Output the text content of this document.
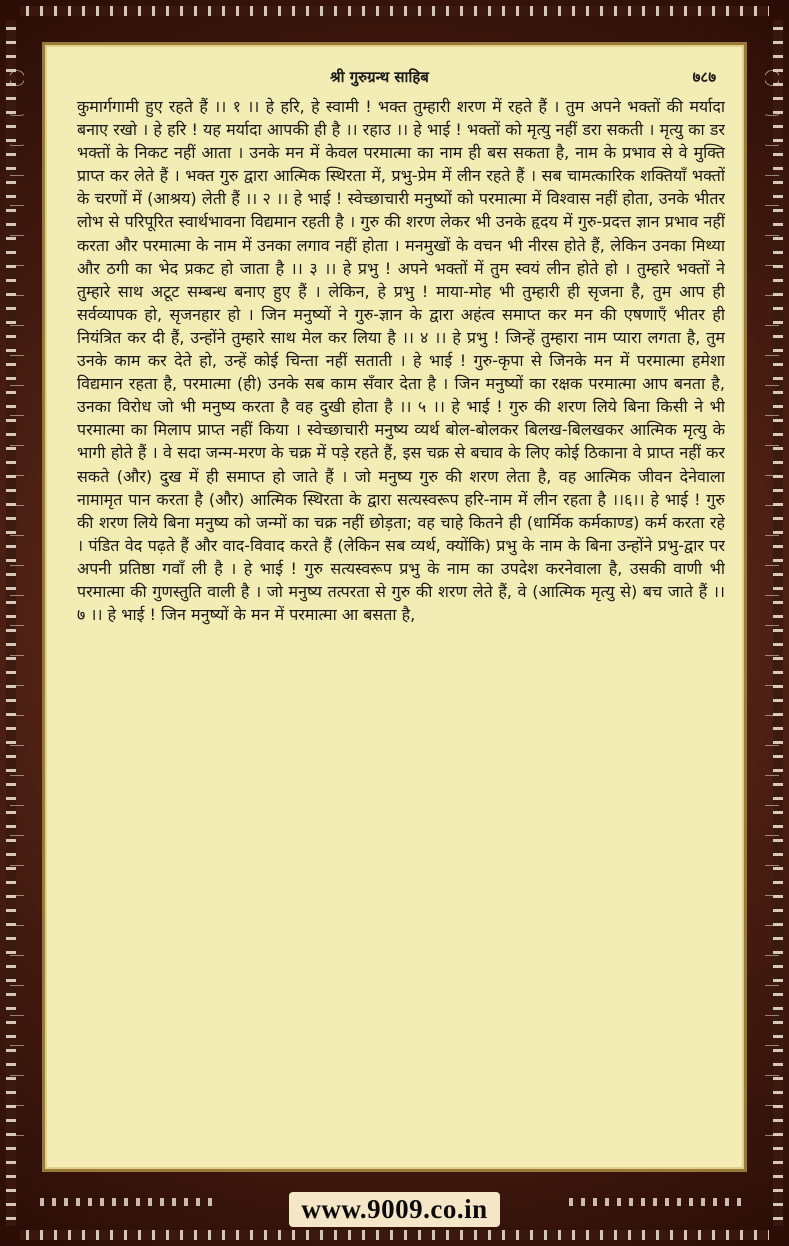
श्री गुरुग्रन्थ साहिब	७८७

कुमार्गगामी हुए रहते हैं ।। १ ।। हे हरि, हे स्वामी ! भक्त तुम्हारी शरण में रहते हैं । तुम अपने भक्तों की मर्यादा बनाए रखो । हे हरि ! यह मर्यादा आपकी ही है ।। रहाउ ।। हे भाई ! भक्तों को मृत्यु नहीं डरा सकती । मृत्यु का डर भक्तों के निकट नहीं आता । उनके मन में केवल परमात्मा का नाम ही बस सकता है, नाम के प्रभाव से वे मुक्ति प्राप्त कर लेते हैं । भक्त गुरु द्वारा आत्मिक स्थिरता में, प्रभु-प्रेम में लीन रहते हैं । सब चामत्कारिक शक्तियाँ भक्तों के चरणों में (आश्रय) लेती हैं ।। २ ।। हे भाई ! स्वेच्छाचारी मनुष्यों को परमात्मा में विश्वास नहीं होता, उनके भीतर लोभ से परिपूरित स्वार्थभावना विद्यमान रहती है । गुरु की शरण लेकर भी उनके हृदय में गुरु-प्रदत्त ज्ञान प्रभाव नहीं करता और परमात्मा के नाम में उनका लगाव नहीं होता । मनमुखों के वचन भी नीरस होते हैं, लेकिन उनका मिथ्या और ठगी का भेद प्रकट हो जाता है ।। ३ ।। हे प्रभु ! अपने भक्तों में तुम स्वयं लीन होते हो । तुम्हारे भक्तों ने तुम्हारे साथ अटूट सम्बन्ध बनाए हुए हैं । लेकिन, हे प्रभु ! माया-मोह भी तुम्हारी ही सृजना है, तुम आप ही सर्वव्यापक हो, सृजनहार हो । जिन मनुष्यों ने गुरु-ज्ञान के द्वारा अहंत्व समाप्त कर मन की एषणाएँ भीतर ही नियंत्रित कर दी हैं, उन्होंने तुम्हारे साथ मेल कर लिया है ।। ४ ।। हे प्रभु ! जिन्हें तुम्हारा नाम प्यारा लगता है, तुम उनके काम कर देते हो, उन्हें कोई चिन्ता नहीं सताती । हे भाई ! गुरु-कृपा से जिनके मन में परमात्मा हमेशा विद्यमान रहता है, परमात्मा (ही) उनके सब काम सँवार देता है । जिन मनुष्यों का रक्षक परमात्मा आप बनता है, उनका विरोध जो भी मनुष्य करता है वह दुखी होता है ।। ५ ।। हे भाई ! गुरु की शरण लिये बिना किसी ने भी परमात्मा का मिलाप प्राप्त नहीं किया । स्वेच्छाचारी मनुष्य व्यर्थ बोल-बोलकर बिलख-बिलखकर आत्मिक मृत्यु के भागी होते हैं । वे सदा जन्म-मरण के चक्र में पड़े रहते हैं, इस चक्र से बचाव के लिए कोई ठिकाना वे प्राप्त नहीं कर सकते (और) दुख में ही समाप्त हो जाते हैं । जो मनुष्य गुरु की शरण लेता है, वह आत्मिक जीवन देनेवाला नामामृत पान करता है (और) आत्मिक स्थिरता के द्वारा सत्यस्वरूप हरि-नाम में लीन रहता है ।।६।। हे भाई ! गुरु की शरण लिये बिना मनुष्य को जन्मों का चक्र नहीं छोड़ता; वह चाहे कितने ही (धार्मिक कर्मकाण्ड) कर्म करता रहे । पंडित वेद पढ़ते हैं और वाद-विवाद करते हैं (लेकिन सब व्यर्थ, क्योंकि) प्रभु के नाम के बिना उन्होंने प्रभु-द्वार पर अपनी प्रतिष्ठा गवाँ ली है । हे भाई ! गुरु सत्यस्वरूप प्रभु के नाम का उपदेश करनेवाला है, उसकी वाणी भी परमात्मा की गुणस्तुति वाली है । जो मनुष्य तत्परता से गुरु की शरण लेते हैं, वे (आत्मिक मृत्यु से) बच जाते हैं ।। ७ ।। हे भाई ! जिन मनुष्यों के मन में परमात्मा आ बसता है,

www.9009.co.in
